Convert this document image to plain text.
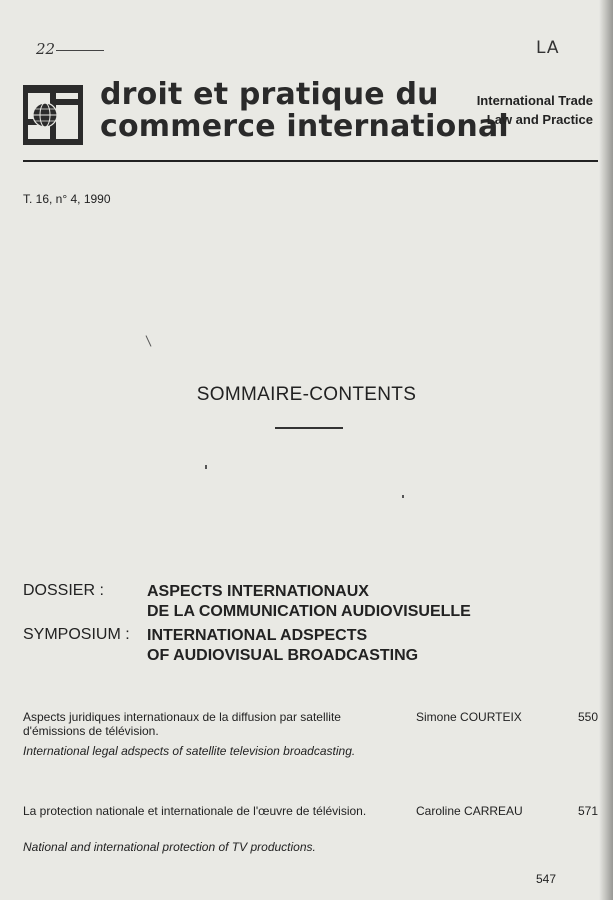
22	LA
droit et pratique du
commerce international
International Trade
Law and Practice
T. 16, n° 4, 1990
SOMMAIRE-CONTENTS
DOSSIER :	ASPECTS INTERNATIONAUX
DE LA COMMUNICATION AUDIOVISUELLE
SYMPOSIUM : INTERNATIONAL ADSPECTS
OF AUDIOVISUAL BROADCASTING
Aspects juridiques internationaux de la diffusion par satellite d'émissions de télévision.
International legal adspects of satellite television broadcasting.
Simone COURTEIX	550
La protection nationale et internationale de l'œuvre de télévision.
National and international protection of TV productions.
Caroline CARREAU	571
547
